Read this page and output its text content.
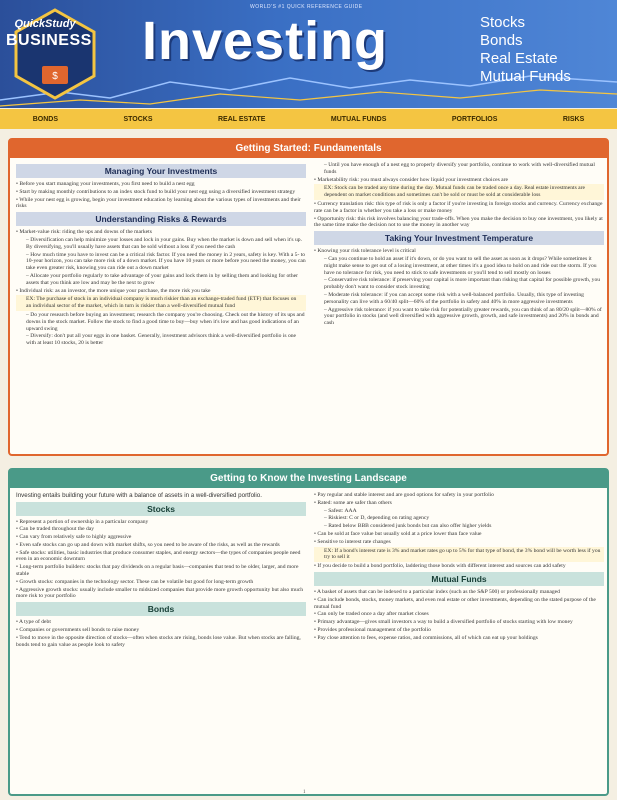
$
QuickStudy
BUSINESS
WORLD'S #1 QUICK REFERENCE GUIDE
Investing	Stocks
Bonds
Real Estate
Mutual Funds
BONDS	STOCKS	REAL ESTATE	MUTUAL FUNDS	PORTFOLIOS	RISKS
Getting Started: Fundamentals
Managing Your Investments

• Before you start managing your investments, you first need to build a nest egg

• Start by making monthly contributions to an index stock fund to build your nest egg using a diversified investment strategy

• While your nest egg is growing, begin your investment education by learning about the various types of investments and their risks

Understanding Risks & Rewards

• Market-value risk: riding the ups and downs of the markets

– Diversification can help minimize your losses and lock in your gains. Buy when the market is down and sell when it's up. By diversifying, you'll usually have assets that can be sold without a loss if you need the cash

– How much time you have to invest can be a critical risk factor. If you need the money in 2 years, safety is key. With a 5- to 10-year horizon, you can take more risk of a down market. If you have 10 years or more before you need the money, you can take even greater risk, knowing you can ride out a down market

– Allocate your portfolio regularly to take advantage of your gains and lock them in by selling them and looking for other assets that you think are low and may be the next to grow

• Individual risk: as an investor, the more unique your purchase, the more risk you take

EX: The purchase of stock in an individual company is much riskier than an exchange-traded fund (ETF) that focuses on an individual sector of the market, which in turn is riskier than a well-diversified mutual fund

– Do your research before buying an investment; research the company you're choosing. Check out the history of its ups and downs in the stock market. Follow the stock to find a good time to buy—buy when it's low and has good indications of an upward swing

– Diversify: don't put all your eggs in one basket. Generally, investment advisors think a well-diversified portfolio is one with at least 10 stocks, 20 is better

– Until you have enough of a nest egg to properly diversify your portfolio, continue to work with well-diversified mutual funds

• Marketability risk: you must always consider how liquid your investment choices are

EX: Stock can be traded any time during the day. Mutual funds can be traded once a day. Real estate investments are dependent on market conditions and sometimes can't be sold or must be sold at considerable loss

• Currency translation risk: this type of risk is only a factor if you're investing in foreign stocks and currency. Currency exchange rate can be a factor in whether you take a loss or make money

• Opportunity risk: this risk involves balancing your trade-offs. When you make the decision to buy one investment, you likely at the same time make the decision not to use the money in another way

Taking Your Investment Temperature

• Knowing your risk tolerance level is critical

– Can you continue to hold an asset if it's down, or do you want to sell the asset as soon as it drops? While sometimes it might make sense to get out of a losing investment, at other times it's a good idea to hold on and ride out the storm. If you have no tolerance for risk, you need to stick to safe investments or you'll tend to sell mostly on losses

– Conservative risk tolerance: if preserving your capital is more important than risking that capital for possible growth, you probably don't want to consider stock investing

– Moderate risk tolerance: if you can accept some risk with a well-balanced portfolio. Usually, this type of investing personality can live with a 60/40 split—60% of the portfolio in safety and 40% in more aggressive investments

– Aggressive risk tolerance: if you want to take risk for potentially greater rewards, you can think of an 80/20 split—80% of your portfolio in stocks (and well diversified with aggressive growth, growth, and safe investments) and 20% in bonds and cash

Getting to Know the Investing Landscape

Investing entails building your future with a balance of assets in a well-diversified portfolio.

Stocks

• Represent a portion of ownership in a particular company

• Can be traded throughout the day

• Can vary from relatively safe to highly aggressive

• Even safe stocks can go up and down with market shifts, so you need to be aware of the risks, as well as the rewards

• Safe stocks: utilities, basic industries that produce consumer staples, and energy sectors—the types of companies people need even in an economic downturn

• Long-term portfolio builders: stocks that pay dividends on a regular basis—companies that tend to be older, larger, and more stable

• Growth stocks: companies in the technology sector. These can be volatile but good for long-term growth

• Aggressive growth stocks: usually include smaller to midsized companies that provide more growth opportunity but also much more risk to your portfolio

Bonds

• A type of debt

• Companies or governments sell bonds to raise money

• Tend to move in the opposite direction of stocks—often when stocks are rising, bonds lose value. But when stocks are falling, bonds tend to gain value as people look to safety

• Pay regular and stable interest and are good options for safety in your portfolio

• Rated: some are safer than others

– Safest: AAA

– Riskiest: C or D, depending on rating agency

– Rated below BBB considered junk bonds but can also offer higher yields

• Can be sold at face value but usually sold at a price lower than face value

• Sensitive to interest rate changes

EX: If a bond's interest rate is 3% and market rates go up to 5% for that type of bond, the 3% bond will be worth less if you try to sell it

• If you decide to build a bond portfolio, laddering those bonds with different interest and sources can add safety

Mutual Funds

• A basket of assets that can be indexed to a particular index (such as the S&P 500) or professionally managed

• Can include bonds, stocks, money markets, and even real estate or other investments, depending on the stated purpose of the mutual fund

• Can only be traded once a day after market closes

• Primary advantage—gives small investors a way to build a diversified portfolio of stocks starting with low money

• Provides professional management of the portfolio

• Pay close attention to fees, expense ratios, and commissions, all of which can eat up your holdings

1
